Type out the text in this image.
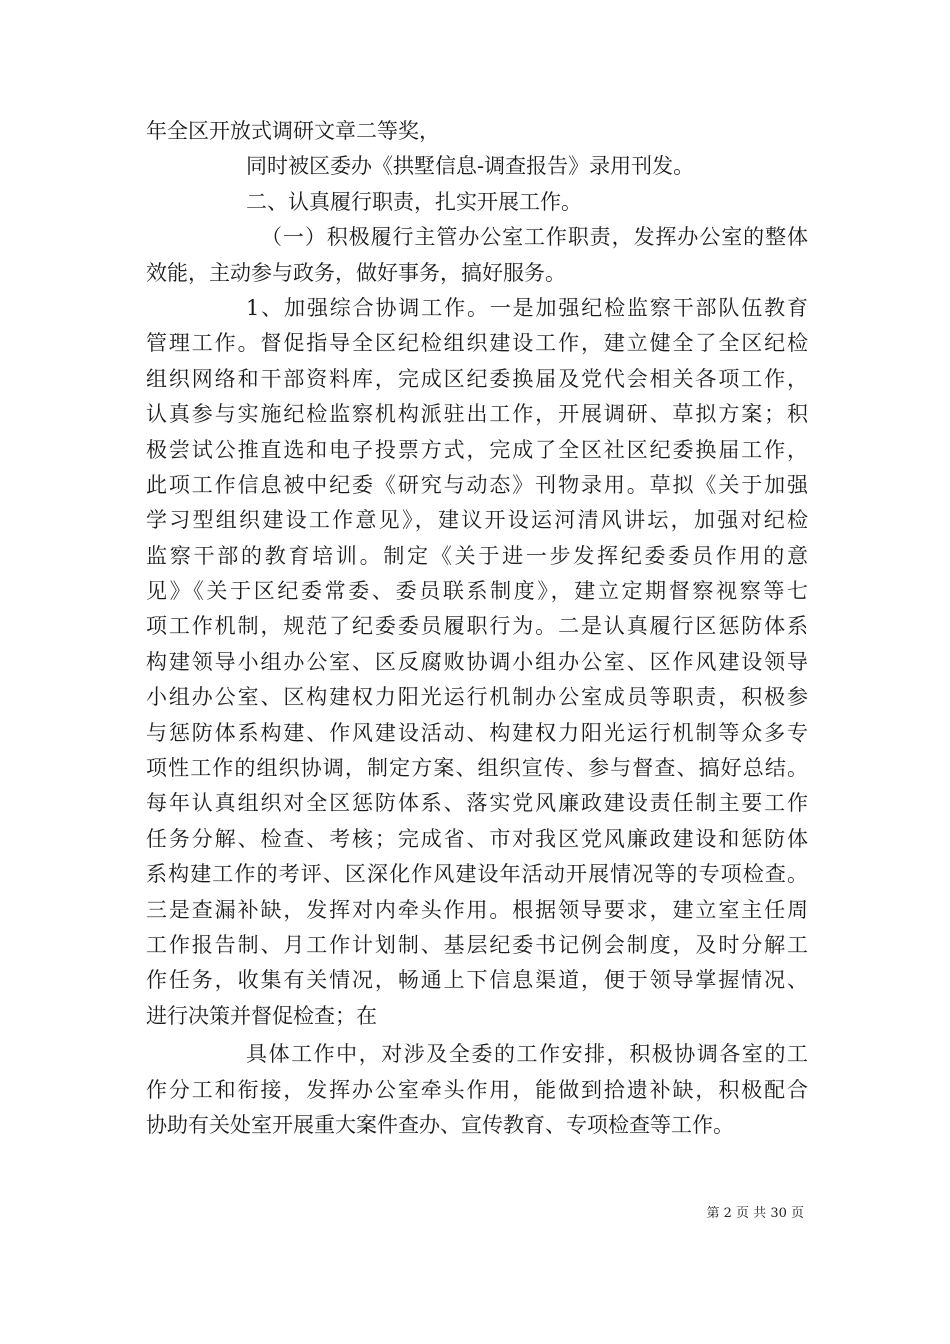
年全区开放式调研文章二等奖，
同时被区委办《拱墅信息-调查报告》录用刊发。
二、认真履行职责，扎实开展工作。
（一）积极履行主管办公室工作职责，发挥办公室的整体
效能，主动参与政务，做好事务，搞好服务。
1、加强综合协调工作。一是加强纪检监察干部队伍教育
管理工作。督促指导全区纪检组织建设工作，建立健全了全区纪检
组织网络和干部资料库，完成区纪委换届及党代会相关各项工作，
认真参与实施纪检监察机构派驻出工作，开展调研、草拟方案；积
极尝试公推直选和电子投票方式，完成了全区社区纪委换届工作，
此项工作信息被中纪委《研究与动态》刊物录用。草拟《关于加强
学习型组织建设工作意见》，建议开设运河清风讲坛，加强对纪检
监察干部的教育培训。制定《关于进一步发挥纪委委员作用的意
见》《关于区纪委常委、委员联系制度》，建立定期督察视察等七
项工作机制，规范了纪委委员履职行为。二是认真履行区惩防体系
构建领导小组办公室、区反腐败协调小组办公室、区作风建设领导
小组办公室、区构建权力阳光运行机制办公室成员等职责，积极参
与惩防体系构建、作风建设活动、构建权力阳光运行机制等众多专
项性工作的组织协调，制定方案、组织宣传、参与督查、搞好总结。
每年认真组织对全区惩防体系、落实党风廉政建设责任制主要工作
任务分解、检查、考核；完成省、市对我区党风廉政建设和惩防体
系构建工作的考评、区深化作风建设年活动开展情况等的专项检查。
三是查漏补缺，发挥对内牵头作用。根据领导要求，建立室主任周
工作报告制、月工作计划制、基层纪委书记例会制度，及时分解工
作任务，收集有关情况，畅通上下信息渠道，便于领导掌握情况、
进行决策并督促检查；在
具体工作中，对涉及全委的工作安排，积极协调各室的工
作分工和衔接，发挥办公室牵头作用，能做到拾遗补缺，积极配合
协助有关处室开展重大案件查办、宣传教育、专项检查等工作。
第 2 页 共 30 页
